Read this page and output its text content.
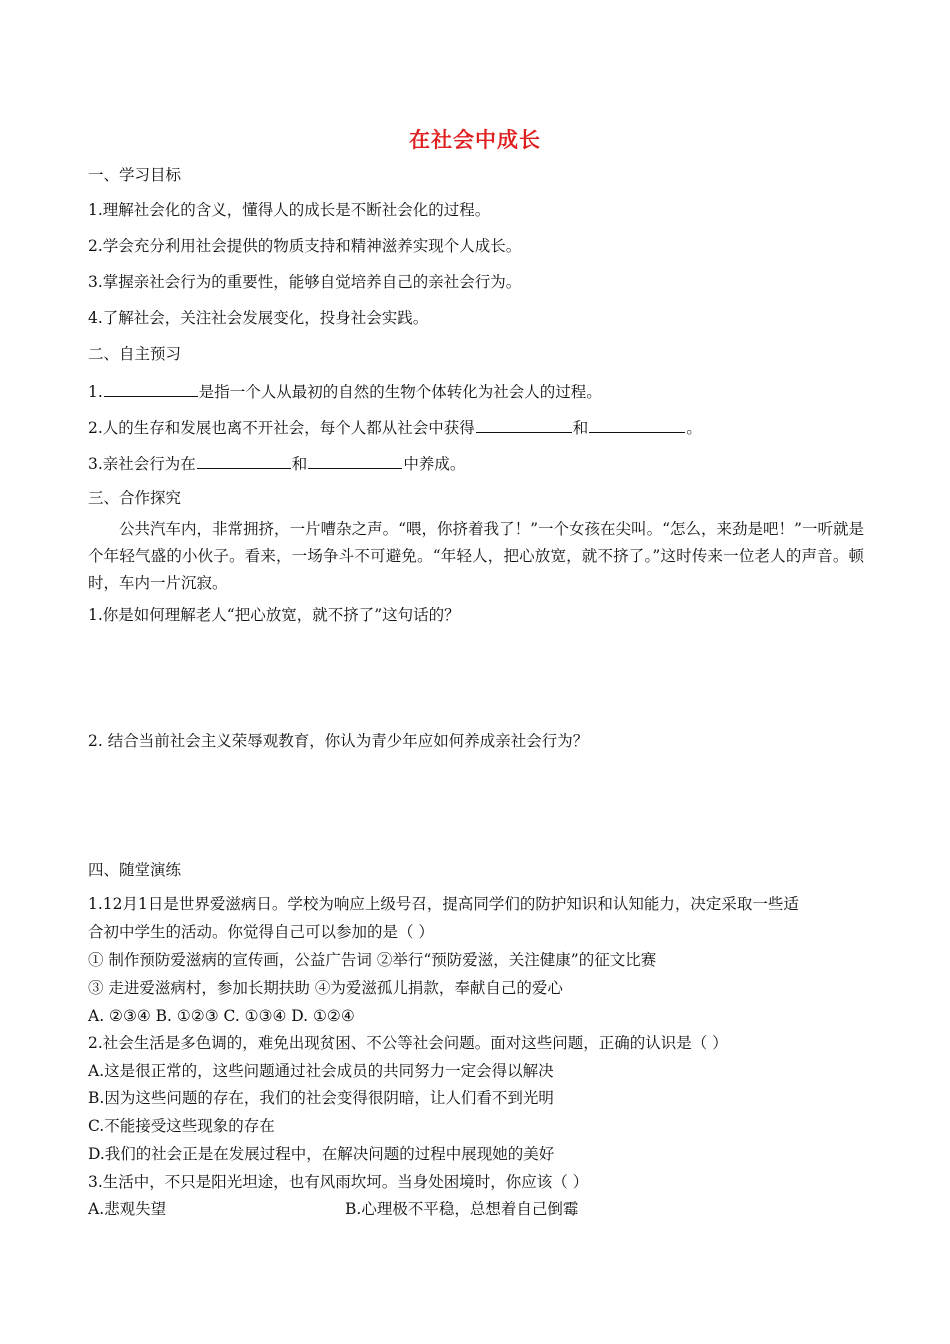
在社会中成长
一、学习目标
1.理解社会化的含义，懂得人的成长是不断社会化的过程。
2.学会充分利用社会提供的物质支持和精神滋养实现个人成长。
3.掌握亲社会行为的重要性，能够自觉培养自己的亲社会行为。
4.了解社会，关注社会发展变化，投身社会实践。
二、自主预习
1.	是指一个人从最初的自然的生物个体转化为社会人的过程。
2.人的生存和发展也离不开社会，每个人都从社会中获得	和	。
3.亲社会行为在	和	中养成。
三、合作探究
公共汽车内，非常拥挤，一片嘈杂之声。“喂，你挤着我了！”一个女孩在尖叫。“怎么，来劲是吧！”一听就是个年轻气盛的小伙子。看来，一场争斗不可避免。“年轻人，把心放宽，就不挤了。”这时传来一位老人的声音。顿时，车内一片沉寂。
1.你是如何理解老人“把心放宽，就不挤了”这句话的？
2. 结合当前社会主义荣辱观教育，你认为青少年应如何养成亲社会行为？
四、随堂演练
1.12月1日是世界爱滋病日。学校为响应上级号召，提高同学们的防护知识和认知能力，决定采取一些适
合初中学生的活动。你觉得自己可以参加的是（ ）
① 制作预防爱滋病的宣传画，公益广告词 ②举行“预防爱滋，关注健康”的征文比赛
③ 走进爱滋病村，参加长期扶助 ④为爱滋孤儿捐款，奉献自己的爱心
A. ②③④ B. ①②③ C. ①③④ D. ①②④
2.社会生活是多色调的，难免出现贫困、不公等社会问题。面对这些问题，正确的认识是（ ）
A.这是很正常的，这些问题通过社会成员的共同努力一定会得以解决
B.因为这些问题的存在，我们的社会变得很阴暗，让人们看不到光明
C.不能接受这些现象的存在
D.我们的社会正是在发展过程中，在解决问题的过程中展现她的美好
3.生活中，不只是阳光坦途，也有风雨坎坷。当身处困境时，你应该（ ）
A.悲观失望	B.心理极不平稳，总想着自己倒霉
